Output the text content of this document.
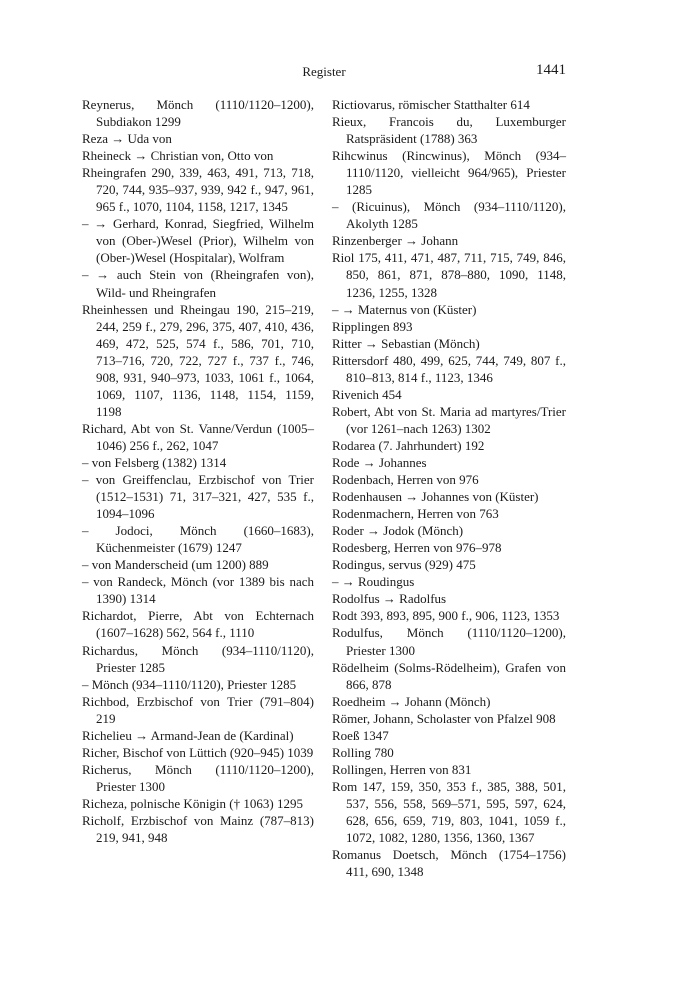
Register	1441

Reynerus, Mönch (1110/1120–1200), Subdiakon 1299

Reza → Uda von

Rheineck → Christian von, Otto von

Rheingrafen 290, 339, 463, 491, 713, 718, 720, 744, 935–937, 939, 942 f., 947, 961, 965 f., 1070, 1104, 1158, 1217, 1345

– → Gerhard, Konrad, Siegfried, Wilhelm von (Ober-)Wesel (Prior), Wilhelm von (Ober-)Wesel (Hospitalar), Wolfram

– → auch Stein von (Rheingrafen von), Wild- und Rheingrafen

Rheinhessen und Rheingau 190, 215–219, 244, 259 f., 279, 296, 375, 407, 410, 436, 469, 472, 525, 574 f., 586, 701, 710, 713–716, 720, 722, 727 f., 737 f., 746, 908, 931, 940–973, 1033, 1061 f., 1064, 1069, 1107, 1136, 1148, 1154, 1159, 1198

Richard, Abt von St. Vanne/Verdun (1005–1046) 256 f., 262, 1047

– von Felsberg (1382) 1314

– von Greiffenclau, Erzbischof von Trier (1512–1531) 71, 317–321, 427, 535 f., 1094–1096

– Jodoci, Mönch (1660–1683), Küchenmeister (1679) 1247

– von Manderscheid (um 1200) 889

– von Randeck, Mönch (vor 1389 bis nach 1390) 1314

Richardot, Pierre, Abt von Echternach (1607–1628) 562, 564 f., 1110

Richardus, Mönch (934–1110/1120), Priester 1285

– Mönch (934–1110/1120), Priester 1285

Richbod, Erzbischof von Trier (791–804) 219

Richelieu → Armand-Jean de (Kardinal)

Richer, Bischof von Lüttich (920–945) 1039

Richerus, Mönch (1110/1120–1200), Priester 1300

Richeza, polnische Königin († 1063) 1295

Richolf, Erzbischof von Mainz (787–813) 219, 941, 948

Rictiovarus, römischer Statthalter 614

Rieux, Francois du, Luxemburger Ratspräsident (1788) 363

Rihcwinus (Rincwinus), Mönch (934–1110/1120, vielleicht 964/965), Priester 1285

– (Ricuinus), Mönch (934–1110/1120), Akolyth 1285

Rinzenberger → Johann

Riol 175, 411, 471, 487, 711, 715, 749, 846, 850, 861, 871, 878–880, 1090, 1148, 1236, 1255, 1328

– → Maternus von (Küster)

Ripplingen 893

Ritter → Sebastian (Mönch)

Rittersdorf 480, 499, 625, 744, 749, 807 f., 810–813, 814 f., 1123, 1346

Rivenich 454

Robert, Abt von St. Maria ad martyres/Trier (vor 1261–nach 1263) 1302

Rodarea (7. Jahrhundert) 192

Rode → Johannes

Rodenbach, Herren von 976

Rodenhausen → Johannes von (Küster)

Rodenmachern, Herren von 763

Roder → Jodok (Mönch)

Rodesberg, Herren von 976–978

Rodingus, servus (929) 475

– → Roudingus

Rodolfus → Radolfus

Rodt 393, 893, 895, 900 f., 906, 1123, 1353

Rodulfus, Mönch (1110/1120–1200), Priester 1300

Rödelheim (Solms-Rödelheim), Grafen von 866, 878

Roedheim → Johann (Mönch)

Römer, Johann, Scholaster von Pfalzel 908

Roeß 1347

Rolling 780

Rollingen, Herren von 831

Rom 147, 159, 350, 353 f., 385, 388, 501, 537, 556, 558, 569–571, 595, 597, 624, 628, 656, 659, 719, 803, 1041, 1059 f., 1072, 1082, 1280, 1356, 1360, 1367

Romanus Doetsch, Mönch (1754–1756) 411, 690, 1348
